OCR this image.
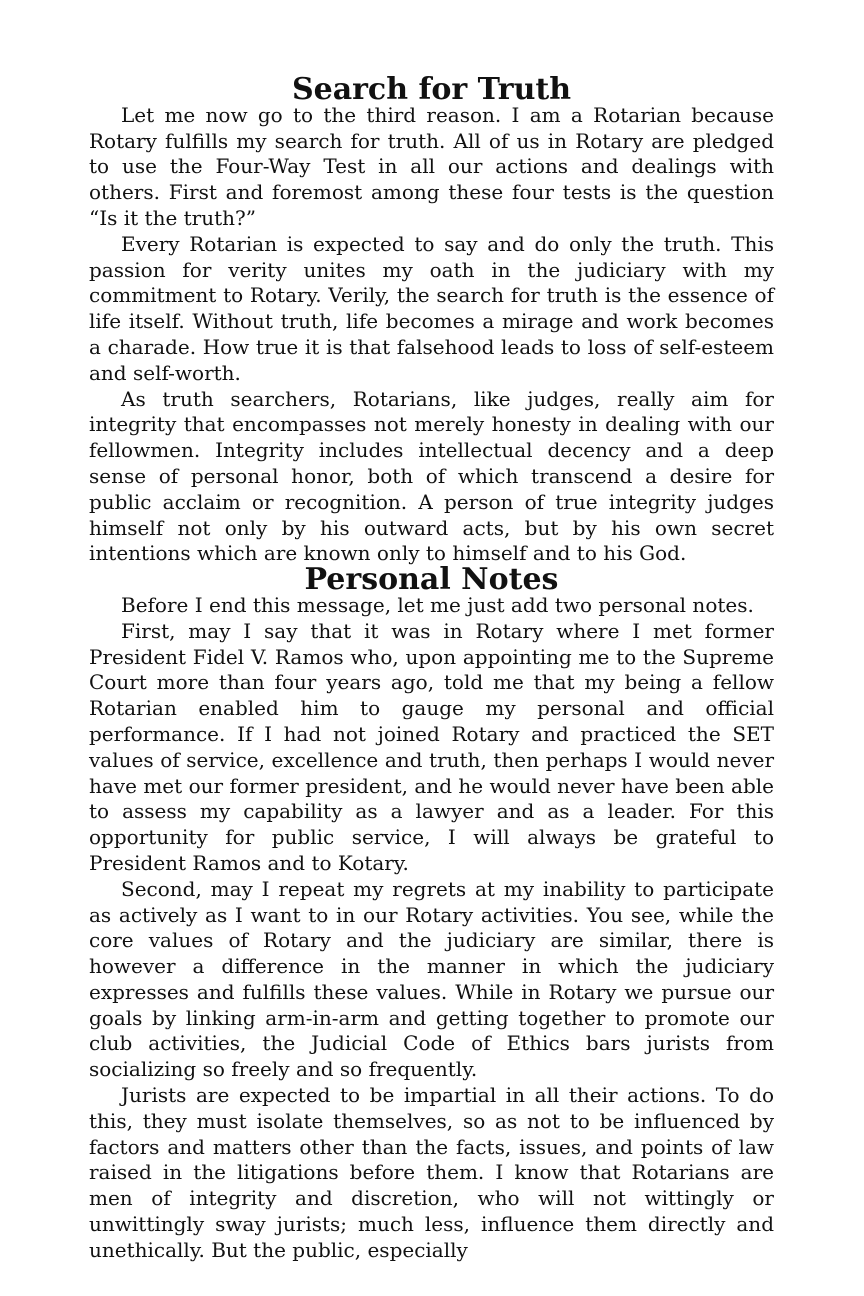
Search for Truth

Let me now go to the third reason. I am a Rotarian because Rotary fulfills my search for truth. All of us in Rotary are pledged to use the Four-Way Test in all our actions and dealings with others. First and foremost among these four tests is the question “Is it the truth?”

Every Rotarian is expected to say and do only the truth. This passion for verity unites my oath in the judiciary with my commitment to Rotary. Verily, the search for truth is the essence of life itself. Without truth, life becomes a mirage and work becomes a charade. How true it is that falsehood leads to loss of self-esteem and self-worth.

As truth searchers, Rotarians, like judges, really aim for integrity that encompasses not merely honesty in dealing with our fellowmen. Integrity includes intellectual decency and a deep sense of personal honor, both of which transcend a desire for public acclaim or recognition. A person of true integrity judges himself not only by his outward acts, but by his own secret intentions which are known only to himself and to his God.

Personal Notes

Before I end this message, let me just add two personal notes.

First, may I say that it was in Rotary where I met former President Fidel V. Ramos who, upon appointing me to the Supreme Court more than four years ago, told me that my being a fellow Rotarian enabled him to gauge my personal and official performance. If I had not joined Rotary and practiced the SET values of service, excellence and truth, then perhaps I would never have met our former president, and he would never have been able to assess my capability as a lawyer and as a leader. For this opportunity for public service, I will always be grateful to President Ramos and to Kotary.

Second, may I repeat my regrets at my inability to participate as actively as I want to in our Rotary activities. You see, while the core values of Rotary and the judiciary are similar, there is however a difference in the manner in which the judiciary expresses and fulfills these values. While in Rotary we pursue our goals by linking arm-in-arm and getting together to promote our club activities, the Judicial Code of Ethics bars jurists from socializing so freely and so frequently.

Jurists are expected to be impartial in all their actions. To do this, they must isolate themselves, so as not to be influenced by factors and matters other than the facts, issues, and points of law raised in the litigations before them. I know that Rotarians are men of integrity and discretion, who will not wittingly or unwittingly sway jurists; much less, influence them directly and unethically. But the public, especially
